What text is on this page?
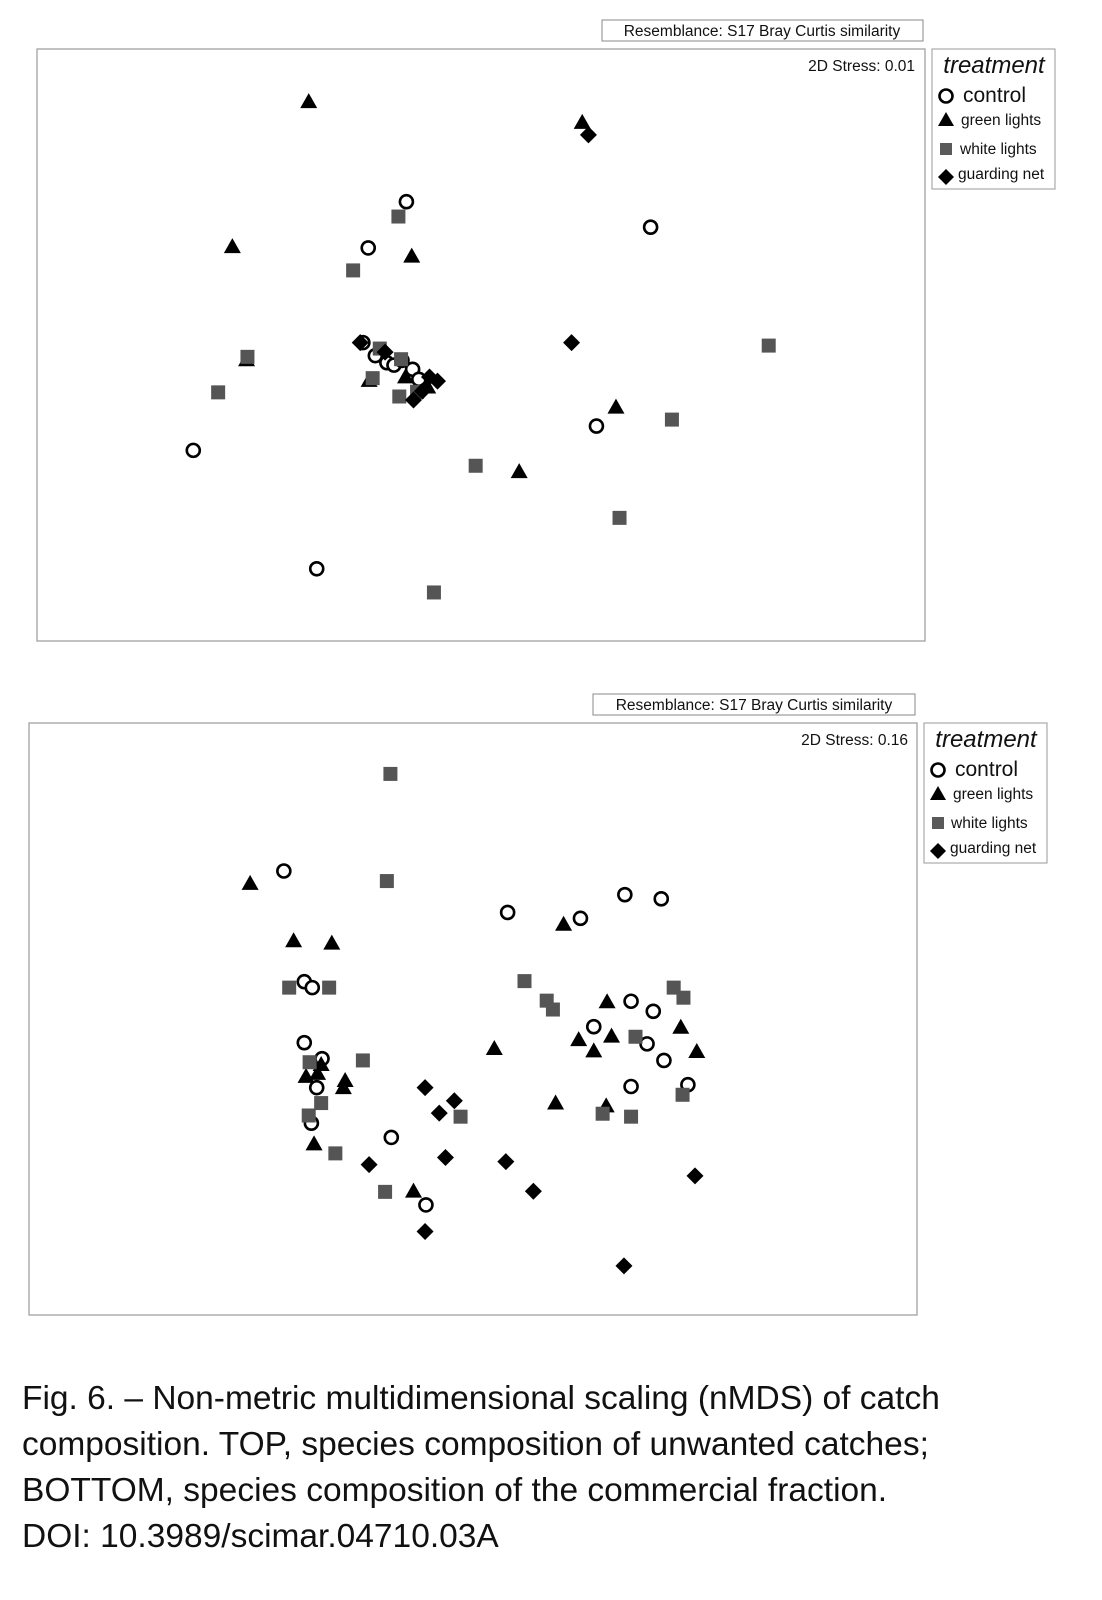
Resemblance: S17 Bray Curtis similarity
2D Stress: 0.01 treatment
control
green lights
white lights
guarding net
Resemblance: S17 Bray Curtis similarity
2D Stress: 0.16 treatment
control
green lights
white lights
guarding net
Fig. 6. – Non-metric multidimensional scaling (nMDS) of catch
composition. TOP, species composition of unwanted catches;
BOTTOM, species composition of the commercial fraction.
DOI: 10.3989/scimar.04710.03A
